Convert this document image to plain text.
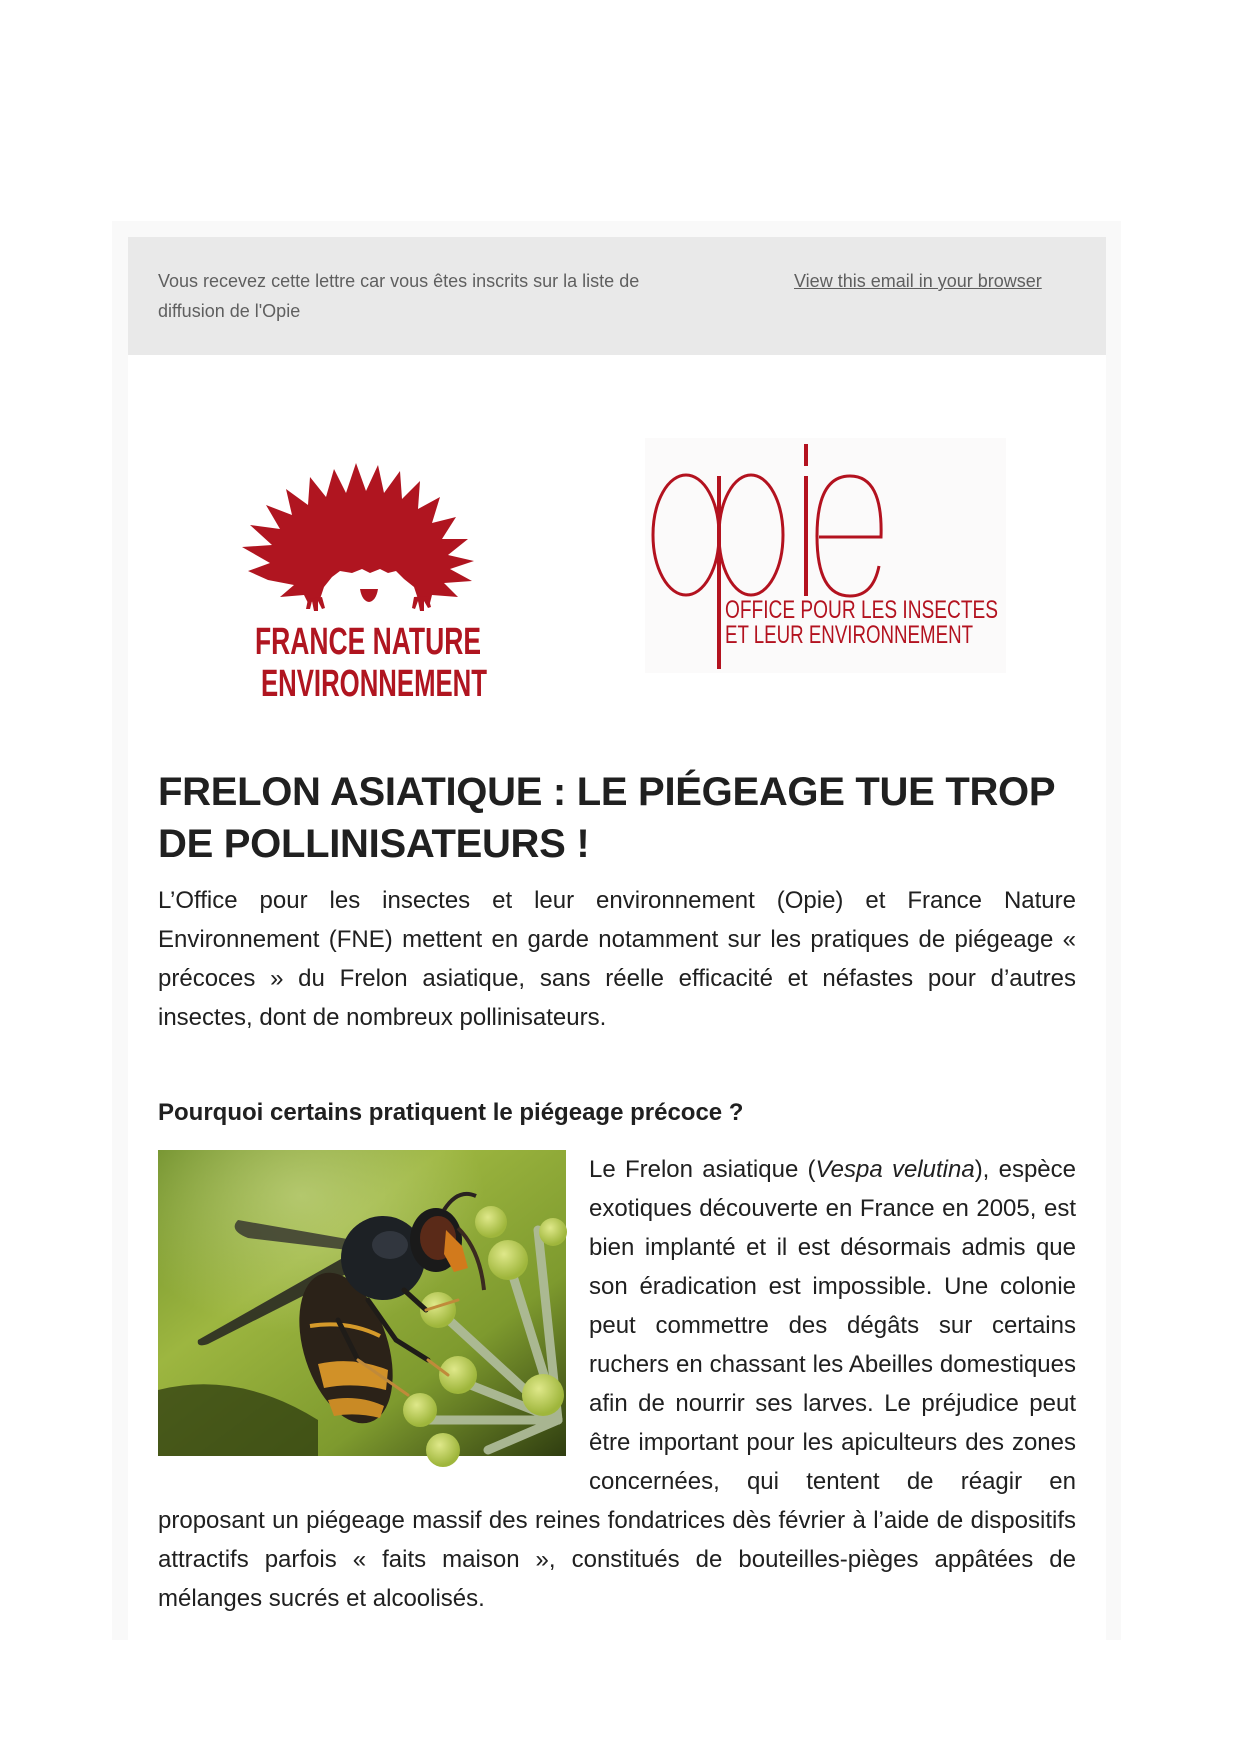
Vous recevez cette lettre car vous êtes inscrits sur la liste de diffusion de l'Opie
View this email in your browser
FRANCE NATURE
ENVIRONNEMENT
OFFICE POUR LES INSECTES
ET LEUR ENVIRONNEMENT
FRELON ASIATIQUE : LE PIÉGEAGE TUE TROP DE POLLINISATEURS !

L’Office pour les insectes et leur environnement (Opie) et France Nature Environnement (FNE) mettent en garde notamment sur les pratiques de piégeage « précoces » du Frelon asiatique, sans réelle efficacité et néfastes pour d’autres insectes, dont de nombreux pollinisateurs.

Pourquoi certains pratiquent le piégeage précoce ?
Le Frelon asiatique (Vespa velutina), espèce exotiques découverte en France en 2005, est bien implanté et il est désormais admis que son éradication est impossible. Une colonie peut commettre des dégâts sur certains ruchers en chassant les Abeilles domestiques afin de nourrir ses larves. Le préjudice peut être important pour les apiculteurs des zones concernées, qui tentent de réagir en proposant un piégeage massif des reines fondatrices dès février à l’aide de dispositifs attractifs parfois « faits maison », constitués de bouteilles-pièges appâtées de mélanges sucrés et alcoolisés.
